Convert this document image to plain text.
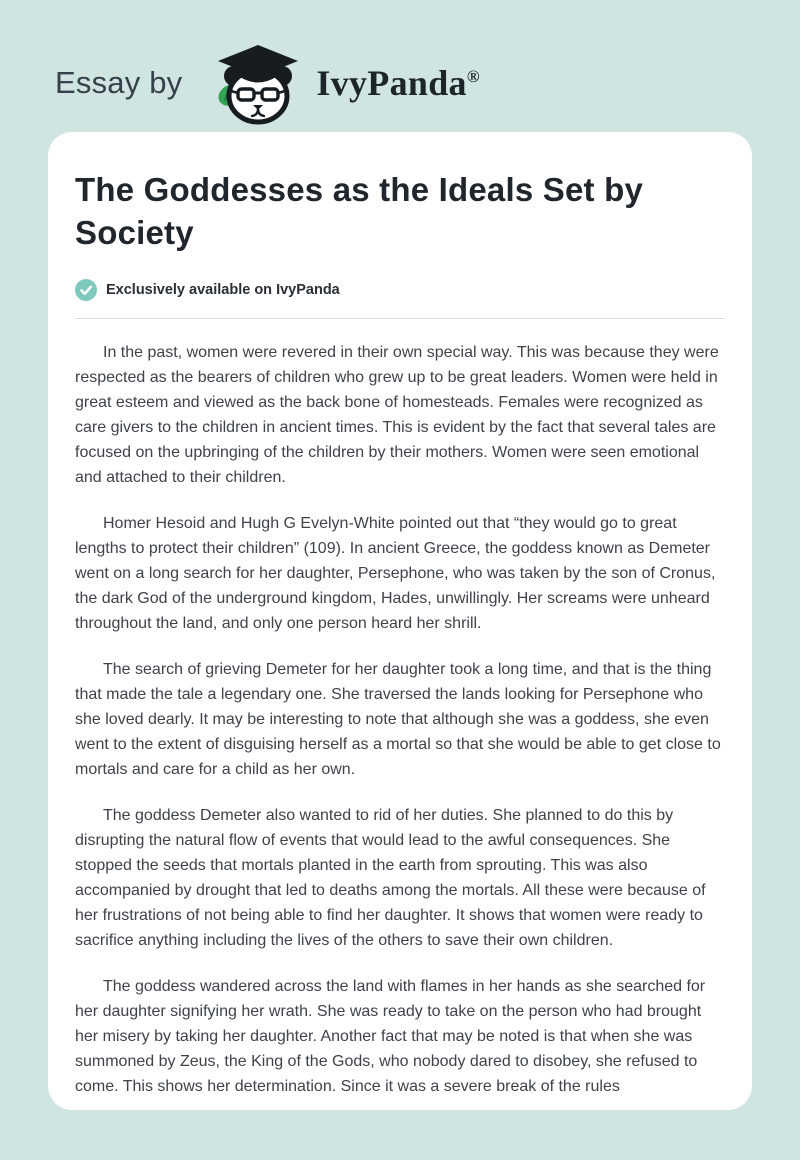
Essay by	IvyPanda®
The Goddesses as the Ideals Set by Society
Exclusively available on IvyPanda

In the past, women were revered in their own special way. This was because they were respected as the bearers of children who grew up to be great leaders. Women were held in great esteem and viewed as the back bone of homesteads. Females were recognized as care givers to the children in ancient times. This is evident by the fact that several tales are focused on the upbringing of the children by their mothers. Women were seen emotional and attached to their children.

Homer Hesoid and Hugh G Evelyn-White pointed out that “they would go to great lengths to protect their children” (109). In ancient Greece, the goddess known as Demeter went on a long search for her daughter, Persephone, who was taken by the son of Cronus, the dark God of the underground kingdom, Hades, unwillingly. Her screams were unheard throughout the land, and only one person heard her shrill.

The search of grieving Demeter for her daughter took a long time, and that is the thing that made the tale a legendary one. She traversed the lands looking for Persephone who she loved dearly. It may be interesting to note that although she was a goddess, she even went to the extent of disguising herself as a mortal so that she would be able to get close to mortals and care for a child as her own.

The goddess Demeter also wanted to rid of her duties. She planned to do this by disrupting the natural flow of events that would lead to the awful consequences. She stopped the seeds that mortals planted in the earth from sprouting. This was also accompanied by drought that led to deaths among the mortals. All these were because of her frustrations of not being able to find her daughter. It shows that women were ready to sacrifice anything including the lives of the others to save their own children.

The goddess wandered across the land with flames in her hands as she searched for her daughter signifying her wrath. She was ready to take on the person who had brought her misery by taking her daughter. Another fact that may be noted is that when she was summoned by Zeus, the King of the Gods, who nobody dared to disobey, she refused to come. This shows her determination. Since it was a severe break of the rules
